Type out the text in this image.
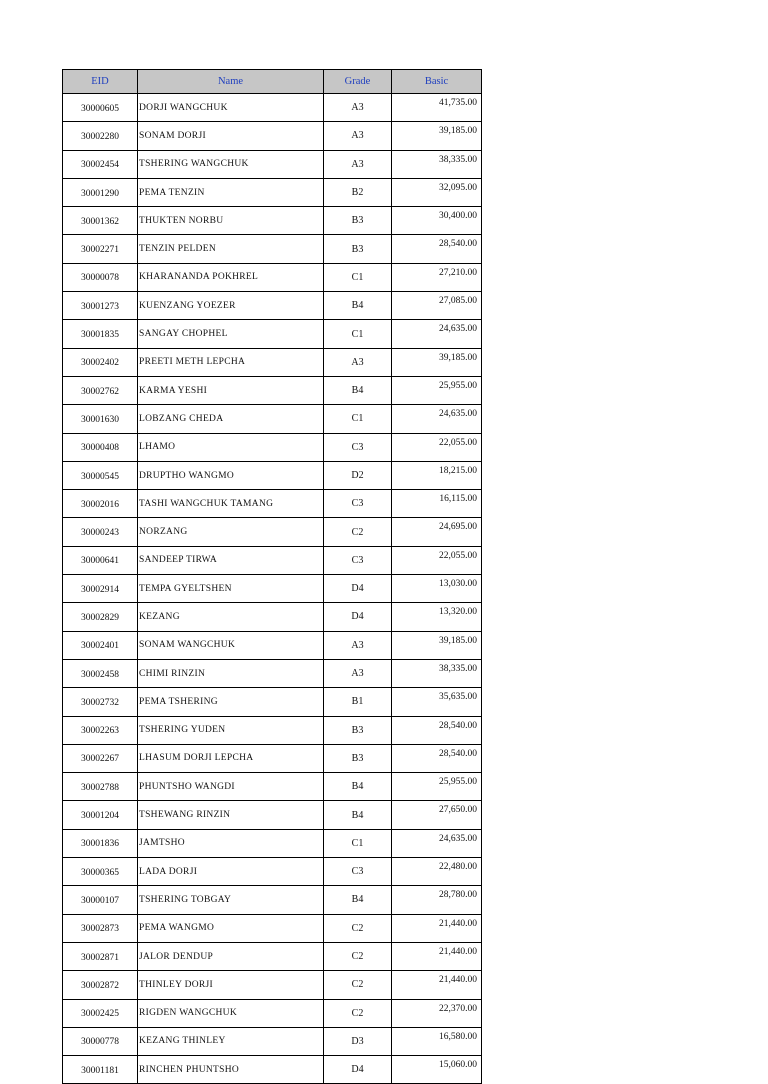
EID	Name	Grade	Basic
30000605	DORJI WANGCHUK	A3	41,735.00
30002280	SONAM DORJI	A3	39,185.00
30002454	TSHERING WANGCHUK	A3	38,335.00
30001290	PEMA TENZIN	B2	32,095.00
30001362	THUKTEN NORBU	B3	30,400.00
30002271	TENZIN PELDEN	B3	28,540.00
30000078	KHARANANDA POKHREL	C1	27,210.00
30001273	KUENZANG YOEZER	B4	27,085.00
30001835	SANGAY CHOPHEL	C1	24,635.00
30002402	PREETI METH LEPCHA	A3	39,185.00
30002762	KARMA YESHI	B4	25,955.00
30001630	LOBZANG CHEDA	C1	24,635.00
30000408	LHAMO	C3	22,055.00
30000545	DRUPTHO WANGMO	D2	18,215.00
30002016	TASHI WANGCHUK TAMANG	C3	16,115.00
30000243	NORZANG	C2	24,695.00
30000641	SANDEEP TIRWA	C3	22,055.00
30002914	TEMPA GYELTSHEN	D4	13,030.00
30002829	KEZANG	D4	13,320.00
30002401	SONAM WANGCHUK	A3	39,185.00
30002458	CHIMI RINZIN	A3	38,335.00
30002732	PEMA TSHERING	B1	35,635.00
30002263	TSHERING YUDEN	B3	28,540.00
30002267	LHASUM DORJI LEPCHA	B3	28,540.00
30002788	PHUNTSHO WANGDI	B4	25,955.00
30001204	TSHEWANG RINZIN	B4	27,650.00
30001836	JAMTSHO	C1	24,635.00
30000365	LADA DORJI	C3	22,480.00
30000107	TSHERING TOBGAY	B4	28,780.00
30002873	PEMA WANGMO	C2	21,440.00
30002871	JALOR DENDUP	C2	21,440.00
30002872	THINLEY DORJI	C2	21,440.00
30002425	RIGDEN WANGCHUK	C2	22,370.00
30000778	KEZANG THINLEY	D3	16,580.00
30001181	RINCHEN PHUNTSHO	D4	15,060.00
